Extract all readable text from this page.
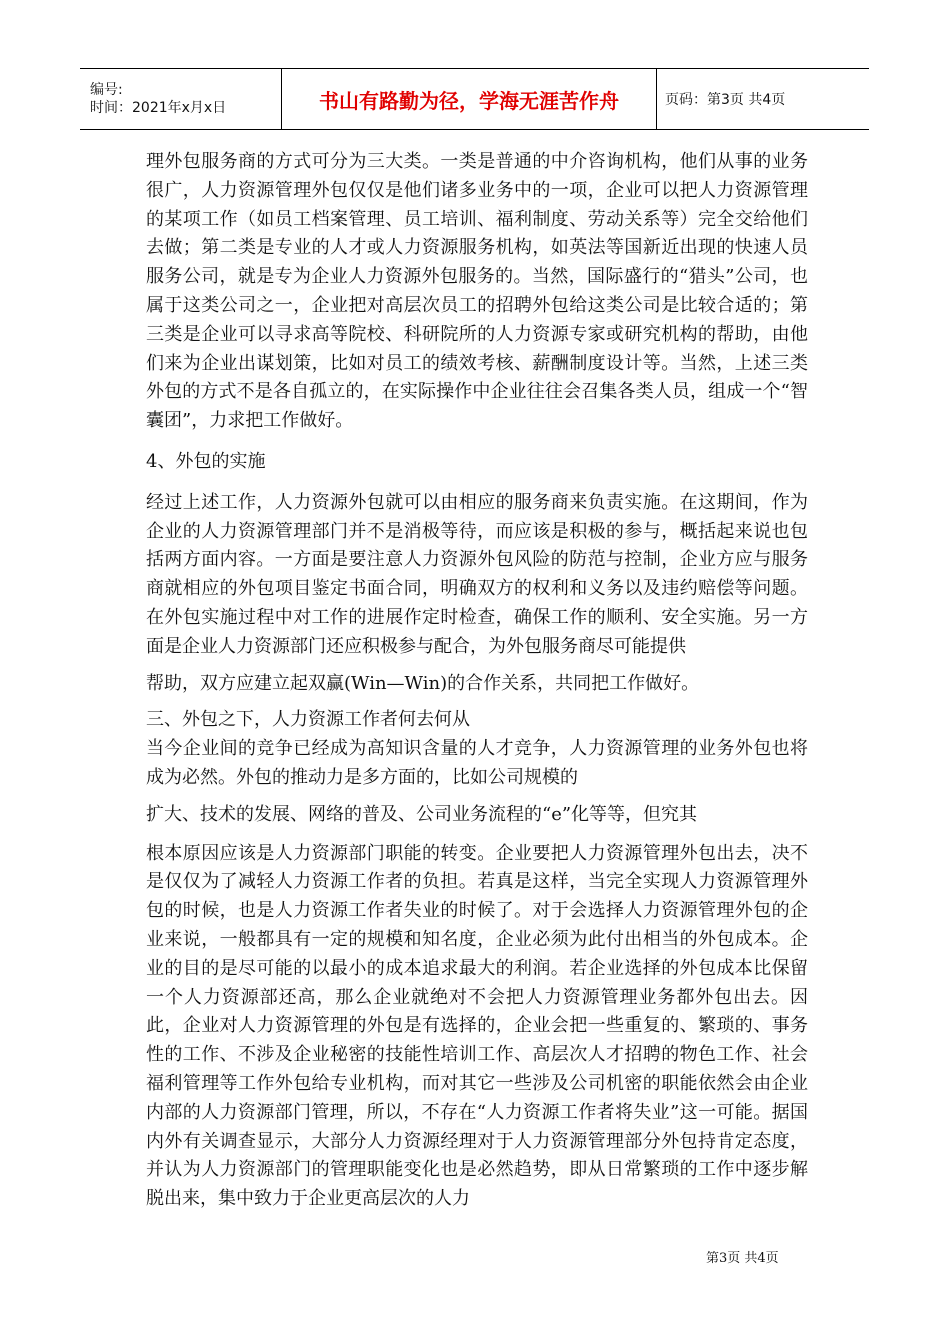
编号:
时间：2021年x月x日	书山有路勤为径，学海无涯苦作舟	页码：第3页 共4页

理外包服务商的方式可分为三大类。一类是普通的中介咨询机构，他们从事的业务很广，人力资源管理外包仅仅是他们诸多业务中的一项，企业可以把人力资源管理的某项工作（如员工档案管理、员工培训、福利制度、劳动关系等）完全交给他们去做；第二类是专业的人才或人力资源服务机构，如英法等国新近出现的快速人员服务公司，就是专为企业人力资源外包服务的。当然，国际盛行的“猎头”公司，也属于这类公司之一，企业把对高层次员工的招聘外包给这类公司是比较合适的；第三类是企业可以寻求高等院校、科研院所的人力资源专家或研究机构的帮助，由他们来为企业出谋划策，比如对员工的绩效考核、薪酬制度设计等。当然，上述三类外包的方式不是各自孤立的，在实际操作中企业往往会召集各类人员，组成一个“智囊团”，力求把工作做好。

4、外包的实施

经过上述工作，人力资源外包就可以由相应的服务商来负责实施。在这期间，作为企业的人力资源管理部门并不是消极等待，而应该是积极的参与，概括起来说也包括两方面内容。一方面是要注意人力资源外包风险的防范与控制，企业方应与服务商就相应的外包项目鉴定书面合同，明确双方的权利和义务以及违约赔偿等问题。在外包实施过程中对工作的进展作定时检查，确保工作的顺利、安全实施。另一方面是企业人力资源部门还应积极参与配合，为外包服务商尽可能提供

帮助，双方应建立起双赢(Win—Win)的合作关系，共同把工作做好。

三、外包之下，人力资源工作者何去何从

当今企业间的竞争已经成为高知识含量的人才竞争，人力资源管理的业务外包也将成为必然。外包的推动力是多方面的，比如公司规模的

扩大、技术的发展、网络的普及、公司业务流程的“e”化等等，但究其

根本原因应该是人力资源部门职能的转变。企业要把人力资源管理外包出去，决不是仅仅为了减轻人力资源工作者的负担。若真是这样，当完全实现人力资源管理外包的时候，也是人力资源工作者失业的时候了。对于会选择人力资源管理外包的企业来说，一般都具有一定的规模和知名度，企业必须为此付出相当的外包成本。企业的目的是尽可能的以最小的成本追求最大的利润。若企业选择的外包成本比保留一个人力资源部还高，那么企业就绝对不会把人力资源管理业务都外包出去。因此，企业对人力资源管理的外包是有选择的，企业会把一些重复的、繁琐的、事务性的工作、不涉及企业秘密的技能性培训工作、高层次人才招聘的物色工作、社会福利管理等工作外包给专业机构，而对其它一些涉及公司机密的职能依然会由企业内部的人力资源部门管理，所以，不存在“人力资源工作者将失业”这一可能。据国内外有关调查显示，大部分人力资源经理对于人力资源管理部分外包持肯定态度，并认为人力资源部门的管理职能变化也是必然趋势，即从日常繁琐的工作中逐步解脱出来，集中致力于企业更高层次的人力

第3页 共4页
